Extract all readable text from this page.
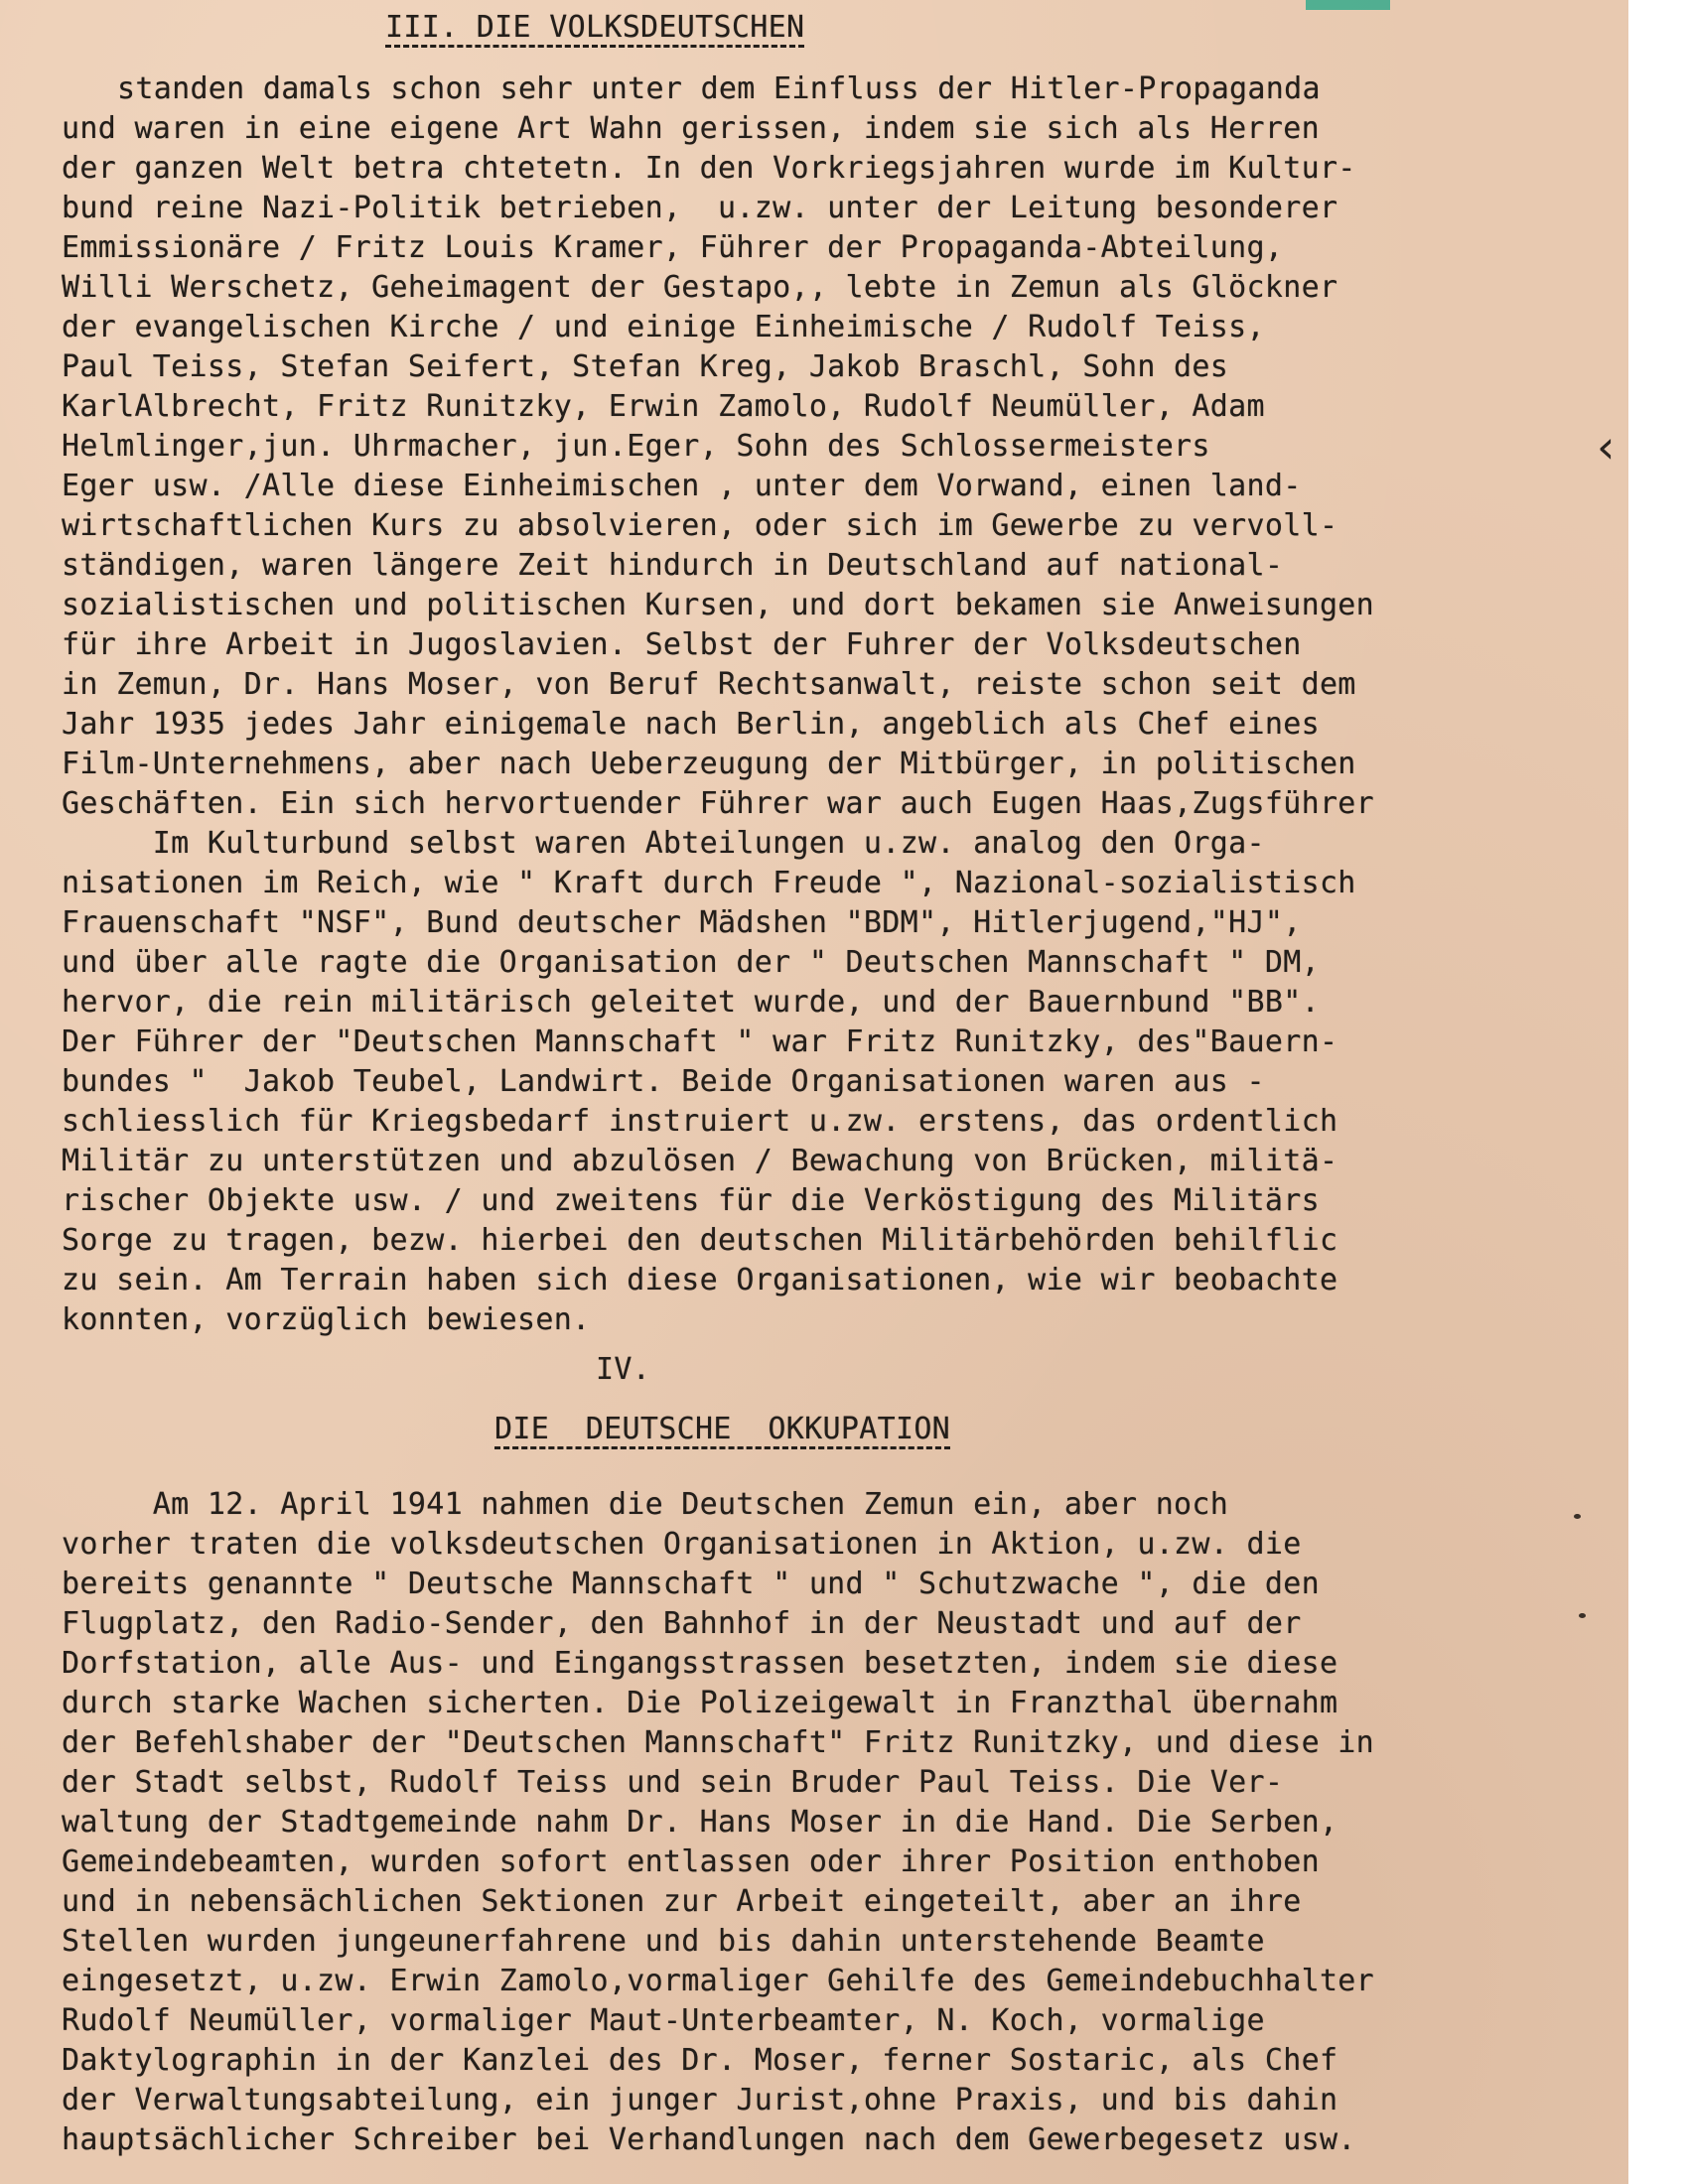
‹

III. DIE VOLKSDEUTSCHEN

standen damals schon sehr unter dem Einfluss der Hitler-Propaganda

und waren in eine eigene Art Wahn gerissen, indem sie sich als Herren

der ganzen Welt betra chtetetn. In den Vorkriegsjahren wurde im Kultur-

bund reine Nazi-Politik betrieben,  u.zw. unter der Leitung besonderer

Emmissionäre / Fritz Louis Kramer, Führer der Propaganda-Abteilung,

Willi Werschetz, Geheimagent der Gestapo,, lebte in Zemun als Glöckner

der evangelischen Kirche / und einige Einheimische / Rudolf Teiss,

Paul Teiss, Stefan Seifert, Stefan Kreg, Jakob Braschl, Sohn des

KarlAlbrecht, Fritz Runitzky, Erwin Zamolo, Rudolf Neumüller, Adam

Helmlinger,jun. Uhrmacher, jun.Eger, Sohn des Schlossermeisters

Eger usw. /Alle diese Einheimischen , unter dem Vorwand, einen land-

wirtschaftlichen Kurs zu absolvieren, oder sich im Gewerbe zu vervoll-

ständigen, waren längere Zeit hindurch in Deutschland auf national-

sozialistischen und politischen Kursen, und dort bekamen sie Anweisungen

für ihre Arbeit in Jugoslavien. Selbst der Fuhrer der Volksdeutschen

in Zemun, Dr. Hans Moser, von Beruf Rechtsanwalt, reiste schon seit dem

Jahr 1935 jedes Jahr einigemale nach Berlin, angeblich als Chef eines

Film-Unternehmens, aber nach Ueberzeugung der Mitbürger, in politischen

Geschäften. Ein sich hervortuender Führer war auch Eugen Haas,Zugsführer

Im Kulturbund selbst waren Abteilungen u.zw. analog den Orga-

nisationen im Reich, wie " Kraft durch Freude ", Nazional-sozialistisch

Frauenschaft "NSF", Bund deutscher Mädshen "BDM", Hitlerjugend,"HJ",

und über alle ragte die Organisation der " Deutschen Mannschaft " DM,

hervor, die rein militärisch geleitet wurde, und der Bauernbund "BB".

Der Führer der "Deutschen Mannschaft " war Fritz Runitzky, des"Bauern-

bundes "  Jakob Teubel, Landwirt. Beide Organisationen waren aus -

schliesslich für Kriegsbedarf instruiert u.zw. erstens, das ordentlich

Militär zu unterstützen und abzulösen / Bewachung von Brücken, militä-

rischer Objekte usw. / und zweitens für die Verköstigung des Militärs

Sorge zu tragen, bezw. hierbei den deutschen Militärbehörden behilflic

zu sein. Am Terrain haben sich diese Organisationen, wie wir beobachte

konnten, vorzüglich bewiesen.

IV.

DIE  DEUTSCHE  OKKUPATION

Am 12. April 1941 nahmen die Deutschen Zemun ein, aber noch

vorher traten die volksdeutschen Organisationen in Aktion, u.zw. die

bereits genannte " Deutsche Mannschaft " und " Schutzwache ", die den

Flugplatz, den Radio-Sender, den Bahnhof in der Neustadt und auf der

Dorfstation, alle Aus- und Eingangsstrassen besetzten, indem sie diese

durch starke Wachen sicherten. Die Polizeigewalt in Franzthal übernahm

der Befehlshaber der "Deutschen Mannschaft" Fritz Runitzky, und diese in

der Stadt selbst, Rudolf Teiss und sein Bruder Paul Teiss. Die Ver-

waltung der Stadtgemeinde nahm Dr. Hans Moser in die Hand. Die Serben,

Gemeindebeamten, wurden sofort entlassen oder ihrer Position enthoben

und in nebensächlichen Sektionen zur Arbeit eingeteilt, aber an ihre

Stellen wurden jungeunerfahrene und bis dahin unterstehende Beamte

eingesetzt, u.zw. Erwin Zamolo,vormaliger Gehilfe des Gemeindebuchhalter

Rudolf Neumüller, vormaliger Maut-Unterbeamter, N. Koch, vormalige

Daktylographin in der Kanzlei des Dr. Moser, ferner Sostaric, als Chef

der Verwaltungsabteilung, ein junger Jurist,ohne Praxis, und bis dahin

hauptsächlicher Schreiber bei Verhandlungen nach dem Gewerbegesetz usw.
